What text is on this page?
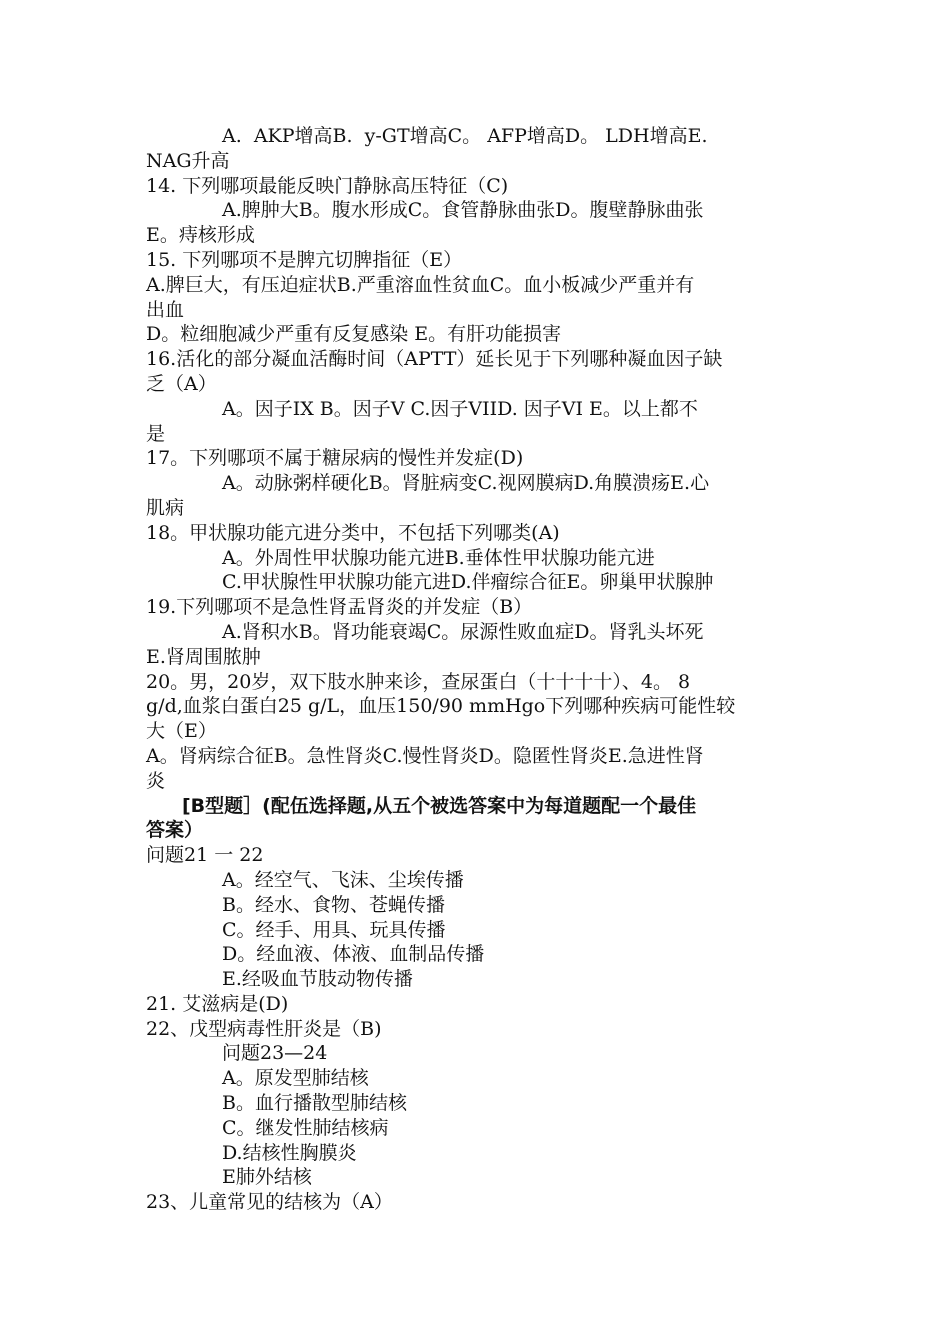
A.  AKP增高B.  y-GT增高C。 AFP增高D。 LDH增高E.
NAG升高
14. 下列哪项最能反映门静脉高压特征（C)
A.脾肿大B。腹水形成C。食管静脉曲张D。腹壁静脉曲张
E。痔核形成
15. 下列哪项不是脾亢切脾指征（E）
A.脾巨大，有压迫症状B.严重溶血性贫血C。血小板减少严重并有
出血
D。粒细胞减少严重有反复感染 E。有肝功能损害
16.活化的部分凝血活酶时间（APTT）延长见于下列哪种凝血因子缺
乏（A）
A。因子IX B。因子V C.因子VIID. 因子VI E。以上都不
是
17。下列哪项不属于糖尿病的慢性并发症(D)
A。动脉粥样硬化B。肾脏病变C.视网膜病D.角膜溃疡E.心
肌病
18。甲状腺功能亢进分类中，不包括下列哪类(A)
A。外周性甲状腺功能亢进B.垂体性甲状腺功能亢进
C.甲状腺性甲状腺功能亢进D.伴瘤综合征E。卵巢甲状腺肿
19.下列哪项不是急性肾盂肾炎的并发症（B）
A.肾积水B。肾功能衰竭C。尿源性败血症D。肾乳头坏死
E.肾周围脓肿
20。男，20岁，双下肢水肿来诊，查尿蛋白（十十十十）、4。 8
g/d,血浆白蛋白25 g/L，血压150/90 mmHgo下列哪种疾病可能性较
大（E）
A。肾病综合征B。急性肾炎C.慢性肾炎D。隐匿性肾炎E.急进性肾
炎
[B型题］(配伍选择题,从五个被选答案中为每道题配一个最佳
答案）
问题21 一 22
A。经空气、飞沫、尘埃传播
B。经水、食物、苍蝇传播
C。经手、用具、玩具传播
D。经血液、体液、血制品传播
E.经吸血节肢动物传播
21. 艾滋病是(D)
22、戊型病毒性肝炎是（B)
问题23—24
A。原发型肺结核
B。血行播散型肺结核
C。继发性肺结核病
D.结核性胸膜炎
E肺外结核
23、儿童常见的结核为（A）
